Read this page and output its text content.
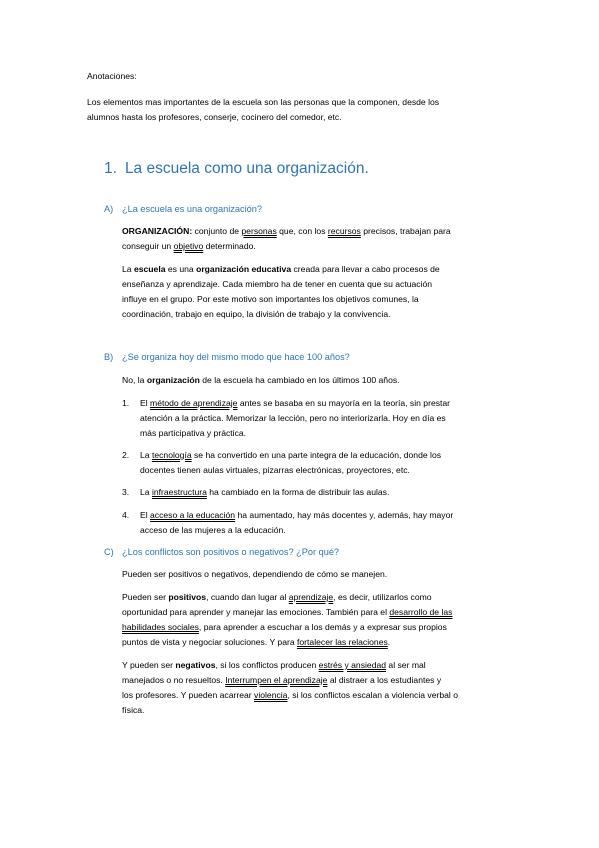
Anotaciones:
Los elementos mas importantes de la escuela son las personas que la componen, desde los
alumnos hasta los profesores, conserje, cocinero del comedor, etc.
1. La escuela como una organización.
A) ¿La escuela es una organización?
ORGANIZACIÓN: conjunto de personas que, con los recursos precisos, trabajan para
conseguir un objetivo determinado.
La escuela es una organización educativa creada para llevar a cabo procesos de
enseñanza y aprendizaje. Cada miembro ha de tener en cuenta que su actuación
influye en el grupo. Por este motivo son importantes los objetivos comunes, la
coordinación, trabajo en equipo, la división de trabajo y la convivencia.
B) ¿Se organiza hoy del mismo modo que hace 100 años?
No, la organización de la escuela ha cambiado en los últimos 100 años.
1. El método de aprendizaje antes se basaba en su mayoría en la teoría, sin prestar
atención a la práctica. Memorizar la lección, pero no interiorizarla. Hoy en día es
más participativa y práctica.
2. La tecnología se ha convertido en una parte integra de la educación, donde los
docentes tienen aulas virtuales, pizarras electrónicas, proyectores, etc.
3. La infraestructura ha cambiado en la forma de distribuir las aulas.
4. El acceso a la educación ha aumentado, hay más docentes y, además, hay mayor
acceso de las mujeres a la educación.
C) ¿Los conflictos son positivos o negativos? ¿Por qué?
Pueden ser positivos o negativos, dependiendo de cómo se manejen.
Pueden ser positivos, cuando dan lugar al aprendizaje, es decir, utilizarlos como
oportunidad para aprender y manejar las emociones. También para el desarrollo de las
habilidades sociales, para aprender a escuchar a los demás y a expresar sus propios
puntos de vista y negociar soluciones. Y para fortalecer las relaciones.
Y pueden ser negativos, si los conflictos producen estrés y ansiedad al ser mal
manejados o no resueltos. Interrumpen el aprendizaje al distraer a los estudiantes y
los profesores. Y pueden acarrear violencia, si los conflictos escalan a violencia verbal o
física.
